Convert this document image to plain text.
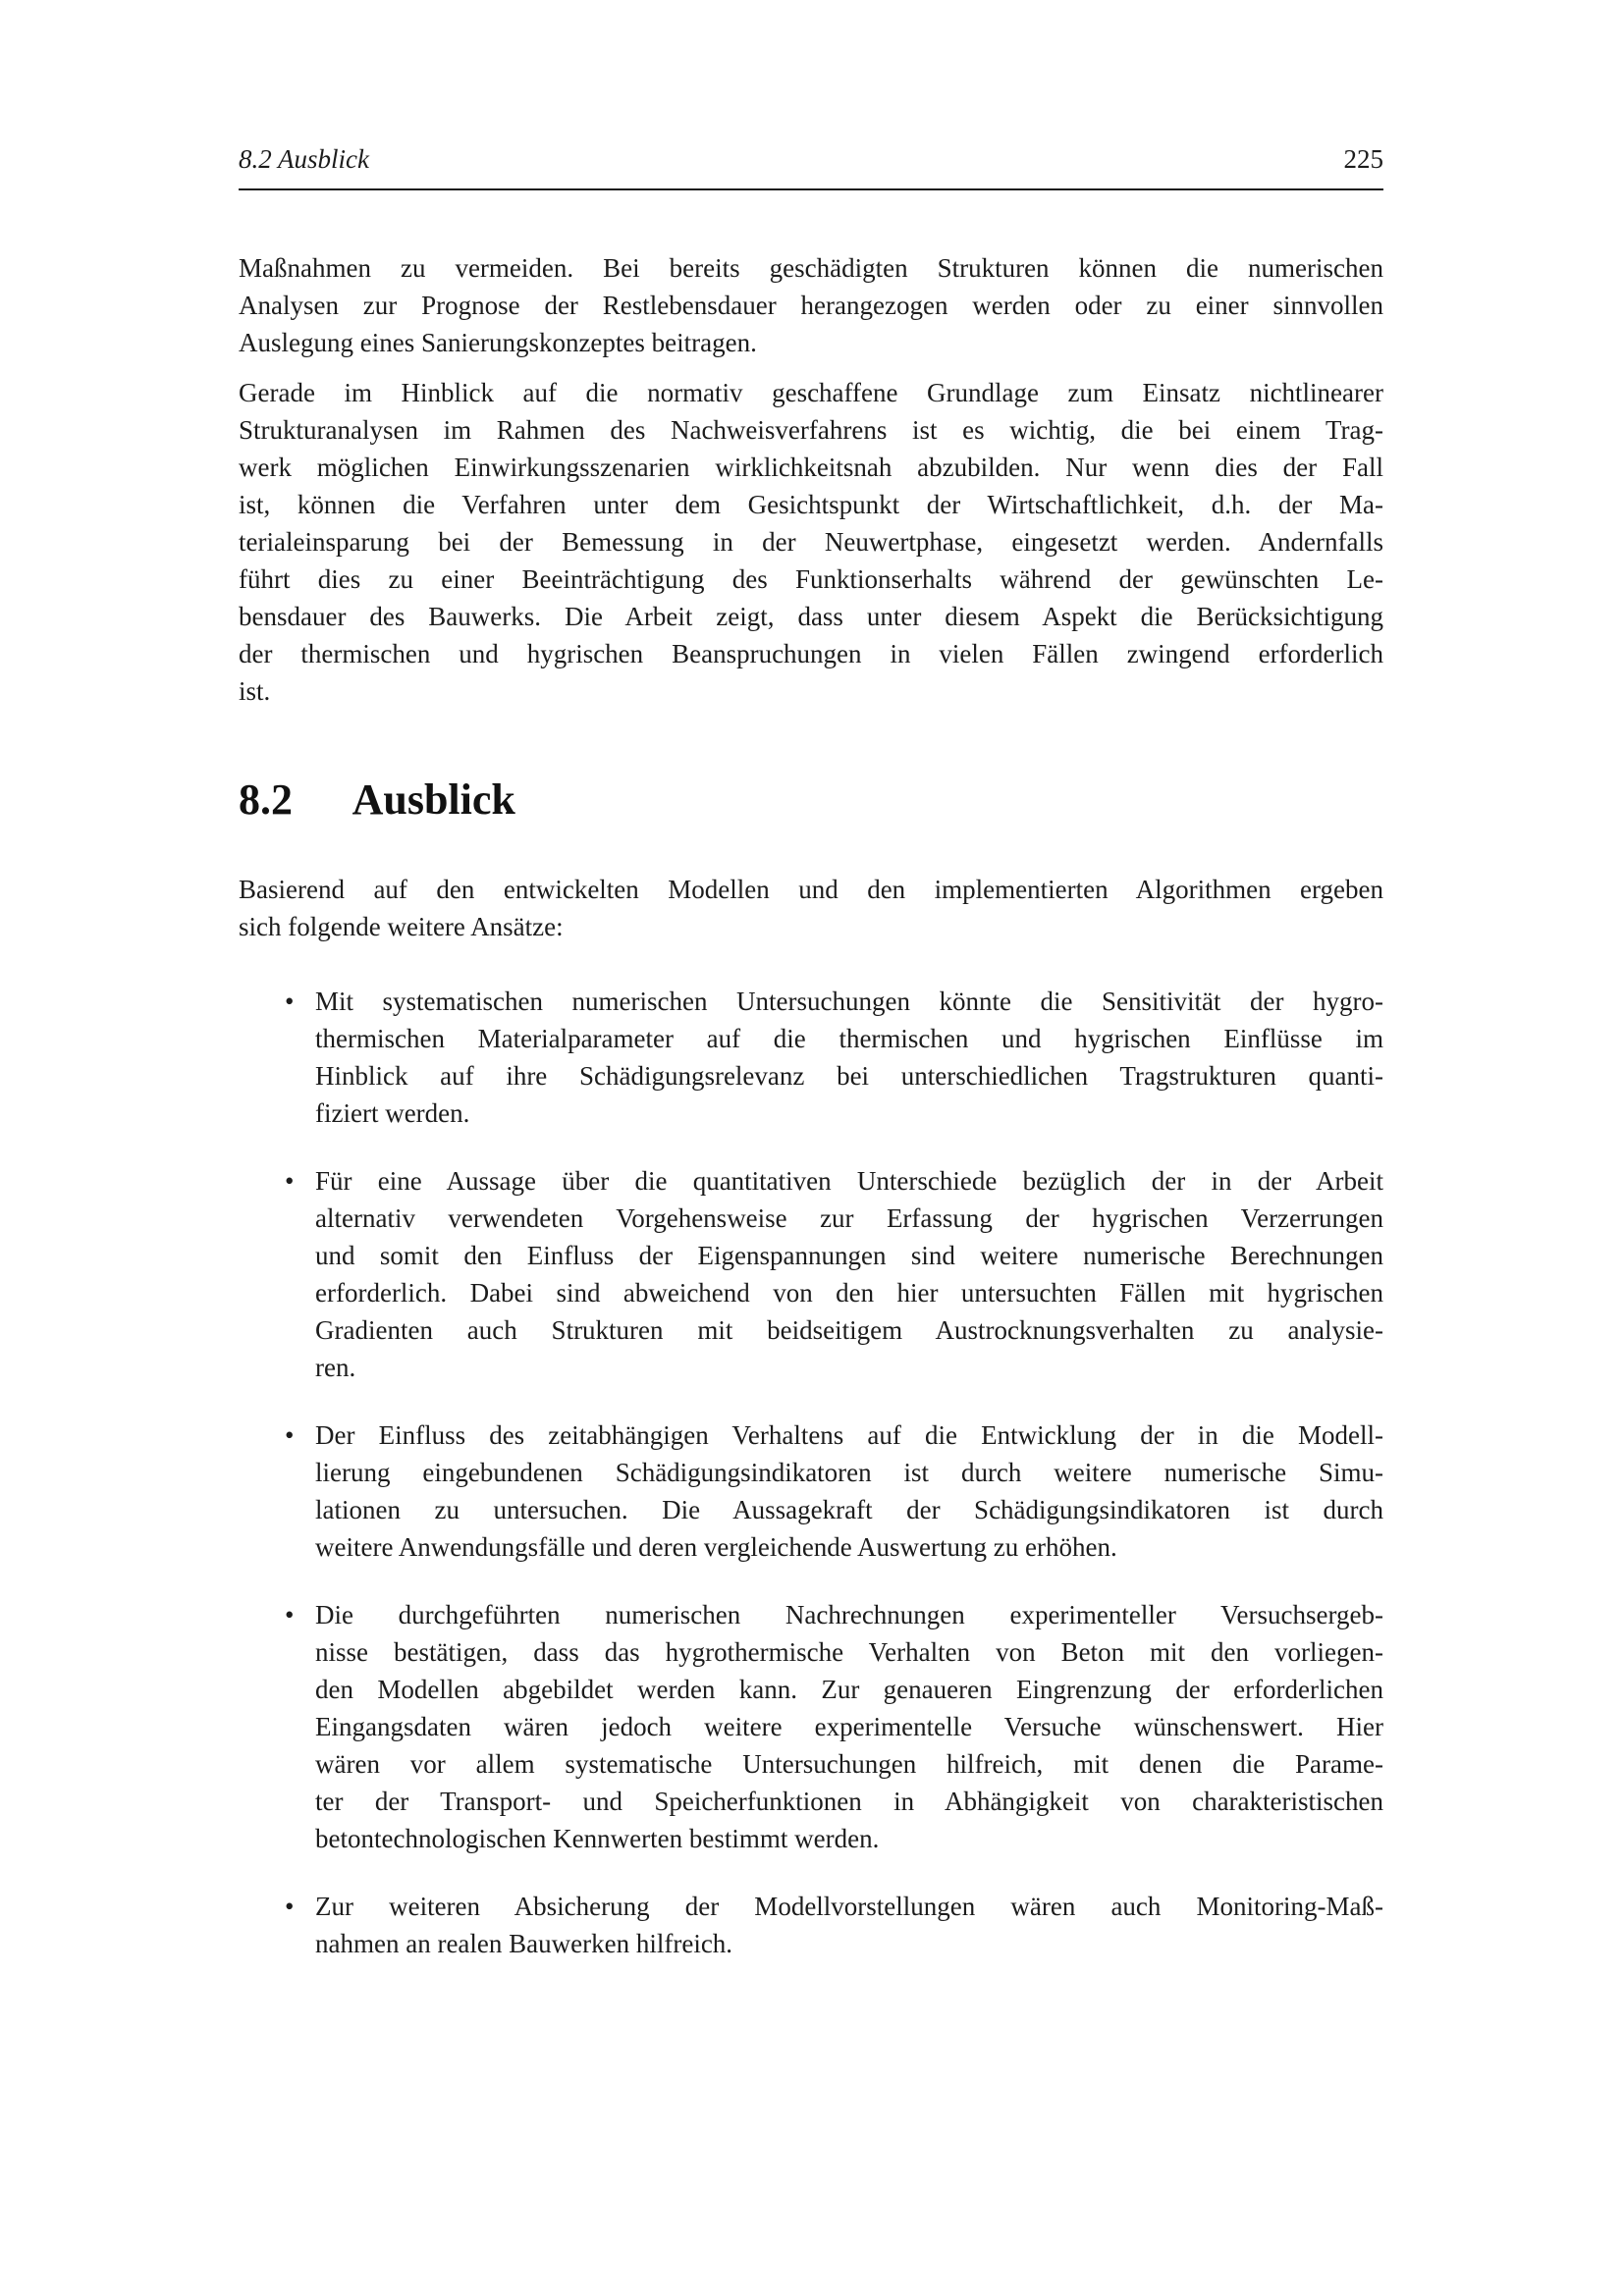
8.2 Ausblick	225
Maßnahmen zu vermeiden. Bei bereits geschädigten Strukturen können die numerischen
Analysen zur Prognose der Restlebensdauer herangezogen werden oder zu einer sinnvollen
Auslegung eines Sanierungskonzeptes beitragen.
Gerade im Hinblick auf die normativ geschaffene Grundlage zum Einsatz nichtlinearer
Strukturanalysen im Rahmen des Nachweisverfahrens ist es wichtig, die bei einem Trag-
werk möglichen Einwirkungsszenarien wirklichkeitsnah abzubilden. Nur wenn dies der Fall
ist, können die Verfahren unter dem Gesichtspunkt der Wirtschaftlichkeit, d.h. der Ma-
terialeinsparung bei der Bemessung in der Neuwertphase, eingesetzt werden. Andernfalls
führt dies zu einer Beeinträchtigung des Funktionserhalts während der gewünschten Le-
bensdauer des Bauwerks. Die Arbeit zeigt, dass unter diesem Aspekt die Berücksichtigung
der thermischen und hygrischen Beanspruchungen in vielen Fällen zwingend erforderlich
ist.
8.2 Ausblick
Basierend auf den entwickelten Modellen und den implementierten Algorithmen ergeben
sich folgende weitere Ansätze:
• Mit systematischen numerischen Untersuchungen könnte die Sensitivität der hygro-
thermischen Materialparameter auf die thermischen und hygrischen Einflüsse im
Hinblick auf ihre Schädigungsrelevanz bei unterschiedlichen Tragstrukturen quanti-
fiziert werden.
• Für eine Aussage über die quantitativen Unterschiede bezüglich der in der Arbeit
alternativ verwendeten Vorgehensweise zur Erfassung der hygrischen Verzerrungen
und somit den Einfluss der Eigenspannungen sind weitere numerische Berechnungen
erforderlich. Dabei sind abweichend von den hier untersuchten Fällen mit hygrischen
Gradienten auch Strukturen mit beidseitigem Austrocknungsverhalten zu analysie-
ren.
• Der Einfluss des zeitabhängigen Verhaltens auf die Entwicklung der in die Modell-
lierung eingebundenen Schädigungsindikatoren ist durch weitere numerische Simu-
lationen zu untersuchen. Die Aussagekraft der Schädigungsindikatoren ist durch
weitere Anwendungsfälle und deren vergleichende Auswertung zu erhöhen.
• Die durchgeführten numerischen Nachrechnungen experimenteller Versuchsergeb-
nisse bestätigen, dass das hygrothermische Verhalten von Beton mit den vorliegen-
den Modellen abgebildet werden kann. Zur genaueren Eingrenzung der erforderlichen
Eingangsdaten wären jedoch weitere experimentelle Versuche wünschenswert. Hier
wären vor allem systematische Untersuchungen hilfreich, mit denen die Parame-
ter der Transport- und Speicherfunktionen in Abhängigkeit von charakteristischen
betontechnologischen Kennwerten bestimmt werden.
• Zur weiteren Absicherung der Modellvorstellungen wären auch Monitoring-Maß-
nahmen an realen Bauwerken hilfreich.
